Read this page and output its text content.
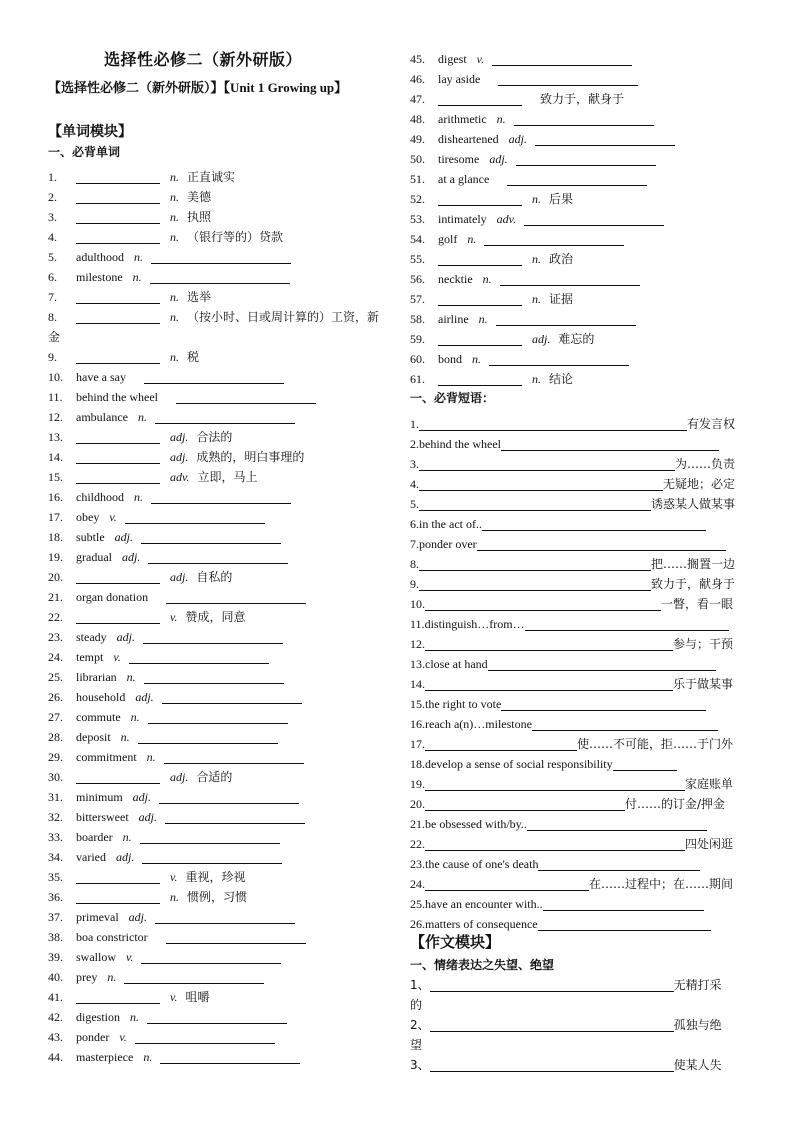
选择性必修二（新外研版）
【选择性必修二（新外研版）】【Unit 1 Growing up】
【单词模块】
一、必背单词
1.	n. 正直诚实
2.	n. 美德
3.	n. 执照
4.	n. （银行等的）贷款
5. adulthood n.
6. milestone n.
7.	n. 选举
8.	n. （按小时、日或周计算的）工资，新金
9.	n. 税
10. have a say
11. behind the wheel
12. ambulance n.
13.	adj. 合法的
14.	adj. 成熟的，明白事理的
15.	adv. 立即，马上
16. childhood n.
17. obey v.
18. subtle adj.
19. gradual adj.
20.	adj. 自私的
21. organ donation
22.	v. 赞成，同意
23. steady adj.
24. tempt v.
25. librarian n.
26. household adj.
27. commute n.
28. deposit n.
29. commitment n.
30.	adj. 合适的
31. minimum adj.
32. bittersweet adj.
33. boarder n.
34. varied adj.
35.	v. 重视，珍视
36.	n. 惯例，习惯
37. primeval adj.
38. boa constrictor
39. swallow v.
40. prey n.
41.	v. 咀嚼
42. digestion n.
43. ponder v.
44. masterpiece n.
45. digest v.
46. lay aside
47.	致力于，献身于
48. arithmetic n.
49. disheartened adj.
50. tiresome adj.
51. at a glance
52.	n. 后果
53. intimately adv.
54. golf n.
55.	n. 政治
56. necktie n.
57.	n. 证据
58. airline n.
59.	adj. 难忘的
60. bond n.
61.	n. 结论
一、必背短语：
1.	有发言权
2.behind the wheel
3.	为……负责
4.	无疑地；必定
5.	诱惑某人做某事
6.in the act of..
7.ponder over
8.	把……搁置一边
9.	致力于，献身于
10.	一瞥，看一眼
11.distinguish…from…
12.	参与；干预
13.close at hand
14.	乐于做某事
15.the right to vote
16.reach a(n)…milestone
17.	使……不可能，拒……于门外
18.develop a sense of social responsibility
19.	家庭账单
20.	付……的订金/押金
21.be obsessed with/by..
22.	四处闲逛
23.the cause of one's death
24.	在……过程中；在……期间
25.have an encounter with..
26.matters of consequence
【作文模块】
一、情绪表达之失望、绝望
1、	无精打采
的
2、	孤独与绝
望
3、	使某人失
